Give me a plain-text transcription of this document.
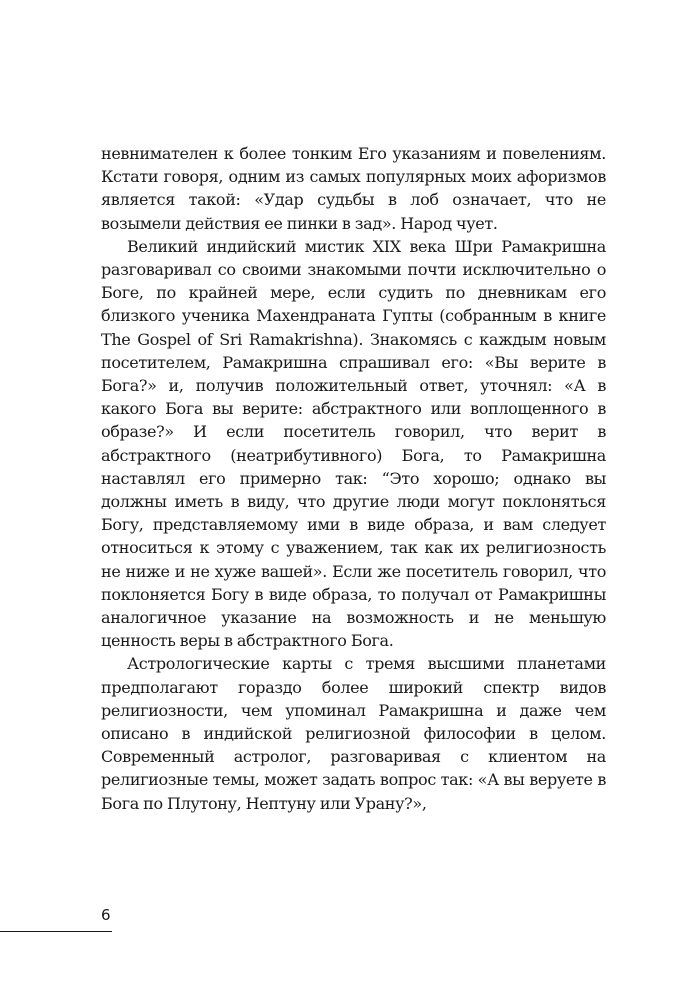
невнимателен к более тонким Его указаниям и повелениям. Кстати говоря, одним из самых популярных моих афоризмов является такой: «Удар судьбы в лоб означает, что не возымели действия ее пинки в зад». Народ чует.

Великий индийский мистик XIX века Шри Рамакришна разговаривал со своими знакомыми почти исключительно о Боге, по крайней мере, если судить по дневникам его близкого ученика Махендраната Гупты (собранным в книге The Gospel of Sri Ramakrishna). Знакомясь с каждым новым посетителем, Рамакришна спрашивал его: «Вы верите в Бога?» и, получив положительный ответ, уточнял: «А в какого Бога вы верите: абстрактного или воплощенного в образе?» И если посетитель говорил, что верит в абстрактного (неатрибутивного) Бога, то Рамакришна наставлял его примерно так: “Это хорошо; однако вы должны иметь в виду, что другие люди могут поклоняться Богу, представляемому ими в виде образа, и вам следует относиться к этому с уважением, так как их религиозность не ниже и не хуже вашей». Если же посетитель говорил, что поклоняется Богу в виде образа, то получал от Рамакришны аналогичное указание на возможность и не меньшую ценность веры в абстрактного Бога.

Астрологические карты с тремя высшими планетами предполагают гораздо более широкий спектр видов религиозности, чем упоминал Рамакришна и даже чем описано в индийской религиозной философии в целом. Современный астролог, разговаривая с клиентом на религиозные темы, может задать вопрос так: «А вы веруете в Бога по Плутону, Нептуну или Урану?»,

6
